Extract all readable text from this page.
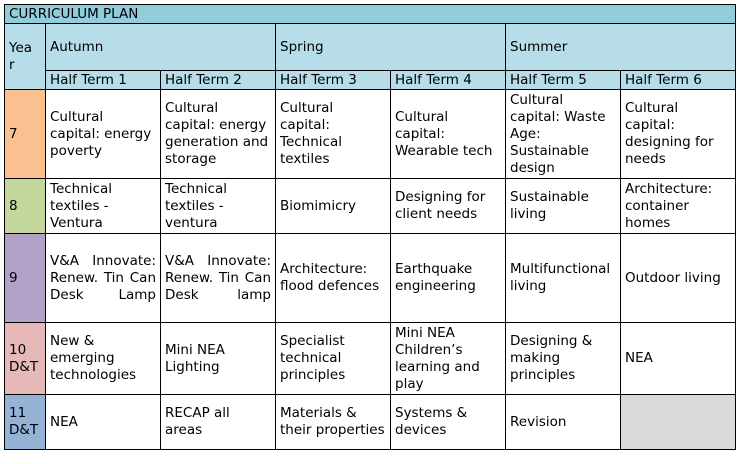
CURRICULUM PLAN						
Yea r	Autumn		Spring		Summer	
	Half Term 1	Half Term 2	Half Term 3	Half Term 4	Half Term 5	Half Term 6
7	Cultural capital: energy poverty	Cultural capital: energy generation and storage	Cultural capital: Technical textiles	Cultural capital: Wearable tech	Cultural capital: Waste Age: Sustainable design	Cultural capital: designing for needs
8	Technical textiles - Ventura	Technical textiles - ventura	Biomimicry	Designing for client needs	Sustainable living	Architecture: container homes
9	V&A Innovate: Renew. Tin Can Desk Lamp	V&A Innovate: Renew. Tin Can Desk lamp	Architecture: flood defences	Earthquake engineering	Multifunctional living	Outdoor living
10 D&T	New & emerging technologies	Mini NEA Lighting	Specialist technical principles	Mini NEA Children’s learning and play	Designing & making principles	NEA
11 D&T	NEA	RECAP all areas	Materials & their properties	Systems & devices	Revision	
